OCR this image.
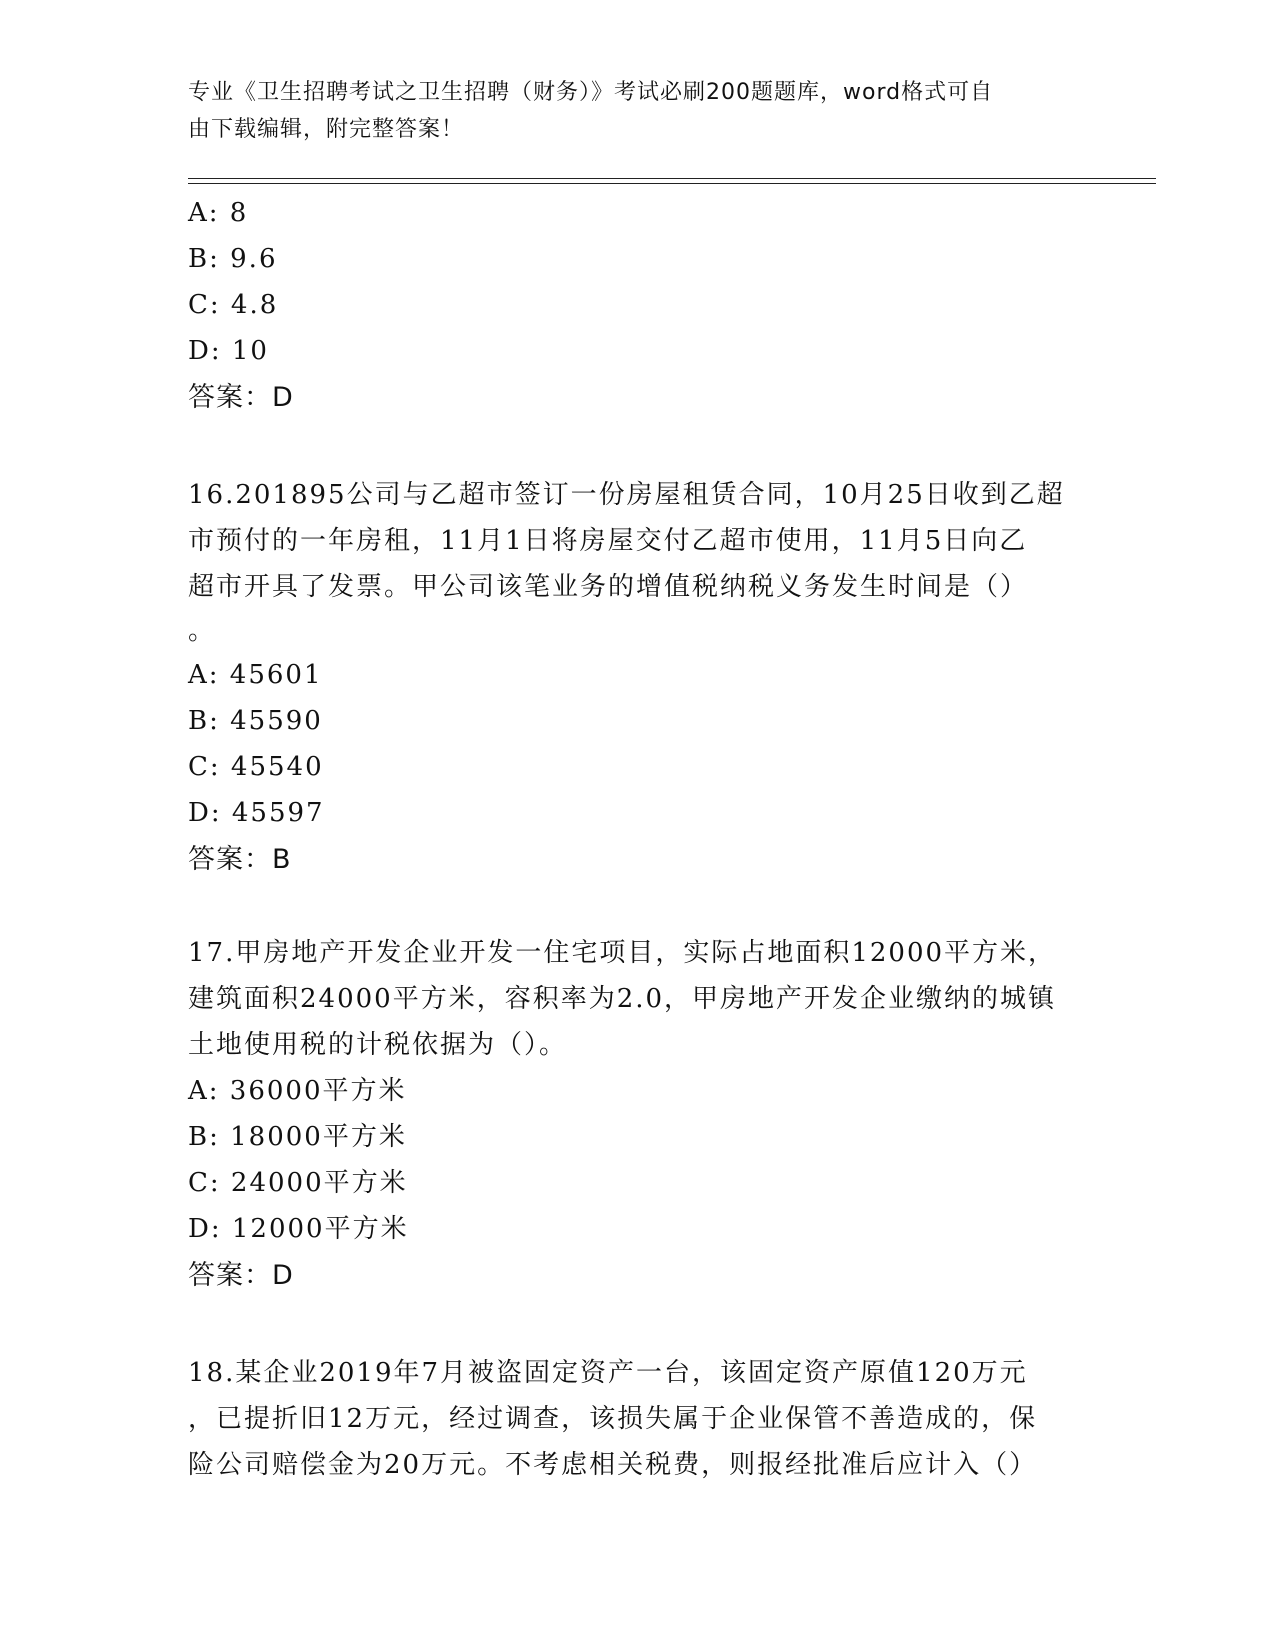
专业《卫生招聘考试之卫生招聘（财务）》考试必刷200题题库，word格式可自
由下载编辑，附完整答案！
A: 8
B: 9.6
C: 4.8
D: 10
答案：D
16.201895公司与乙超市签订一份房屋租赁合同，10月25日收到乙超
市预付的一年房租，11月1日将房屋交付乙超市使用，11月5日向乙
超市开具了发票。甲公司该笔业务的增值税纳税义务发生时间是（）
。
A: 45601
B: 45590
C: 45540
D: 45597
答案：B
17.甲房地产开发企业开发一住宅项目，实际占地面积12000平方米，
建筑面积24000平方米，容积率为2.0，甲房地产开发企业缴纳的城镇
土地使用税的计税依据为（）。
A: 36000平方米
B: 18000平方米
C: 24000平方米
D: 12000平方米
答案：D
18.某企业2019年7月被盗固定资产一台，该固定资产原值120万元
，已提折旧12万元，经过调查，该损失属于企业保管不善造成的，保
险公司赔偿金为20万元。不考虑相关税费，则报经批准后应计入（）
